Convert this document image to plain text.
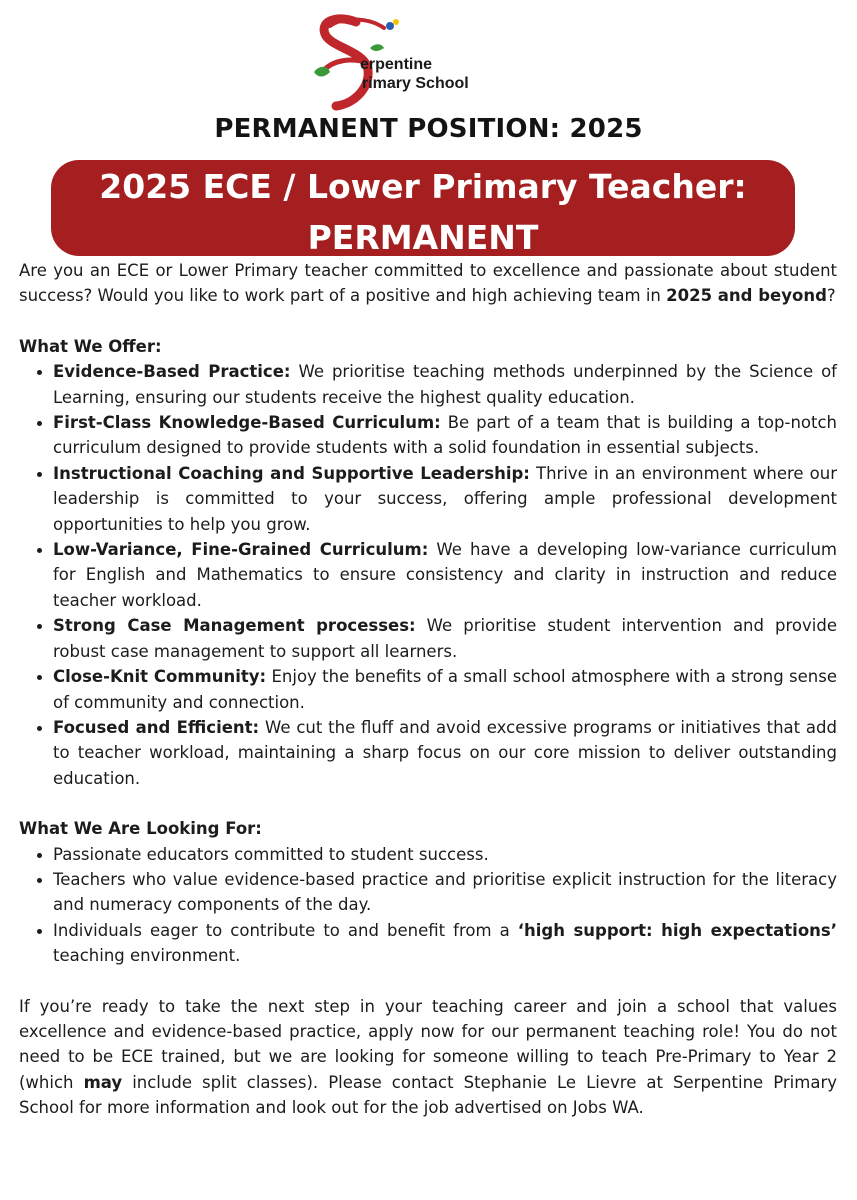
erpentine
rimary School
PERMANENT POSITION: 2025
2025 ECE / Lower Primary Teacher:
PERMANENT

Are you an ECE or Lower Primary teacher committed to excellence and passionate about student success? Would you like to work part of a positive and high achieving team in 2025 and beyond?

What We Offer:

• Evidence-Based Practice: We prioritise teaching methods underpinned by the Science of Learning, ensuring our students receive the highest quality education.
• First-Class Knowledge-Based Curriculum: Be part of a team that is building a top-notch curriculum designed to provide students with a solid foundation in essential subjects.
• Instructional Coaching and Supportive Leadership: Thrive in an environment where our leadership is committed to your success, offering ample professional development opportunities to help you grow.
• Low-Variance, Fine-Grained Curriculum: We have a developing low-variance curriculum for English and Mathematics to ensure consistency and clarity in instruction and reduce teacher workload.
• Strong Case Management processes: We prioritise student intervention and provide robust case management to support all learners.
• Close-Knit Community: Enjoy the benefits of a small school atmosphere with a strong sense of community and connection.
• Focused and Efficient: We cut the fluff and avoid excessive programs or initiatives that add to teacher workload, maintaining a sharp focus on our core mission to deliver outstanding education.

What We Are Looking For:

• Passionate educators committed to student success.
• Teachers who value evidence-based practice and prioritise explicit instruction for the literacy and numeracy components of the day.
• Individuals eager to contribute to and benefit from a ‘high support: high expectations’ teaching environment.

If you’re ready to take the next step in your teaching career and join a school that values excellence and evidence-based practice, apply now for our permanent teaching role! You do not need to be ECE trained, but we are looking for someone willing to teach Pre-Primary to Year 2 (which may include split classes). Please contact Stephanie Le Lievre at Serpentine Primary School for more information and look out for the job advertised on Jobs WA.
